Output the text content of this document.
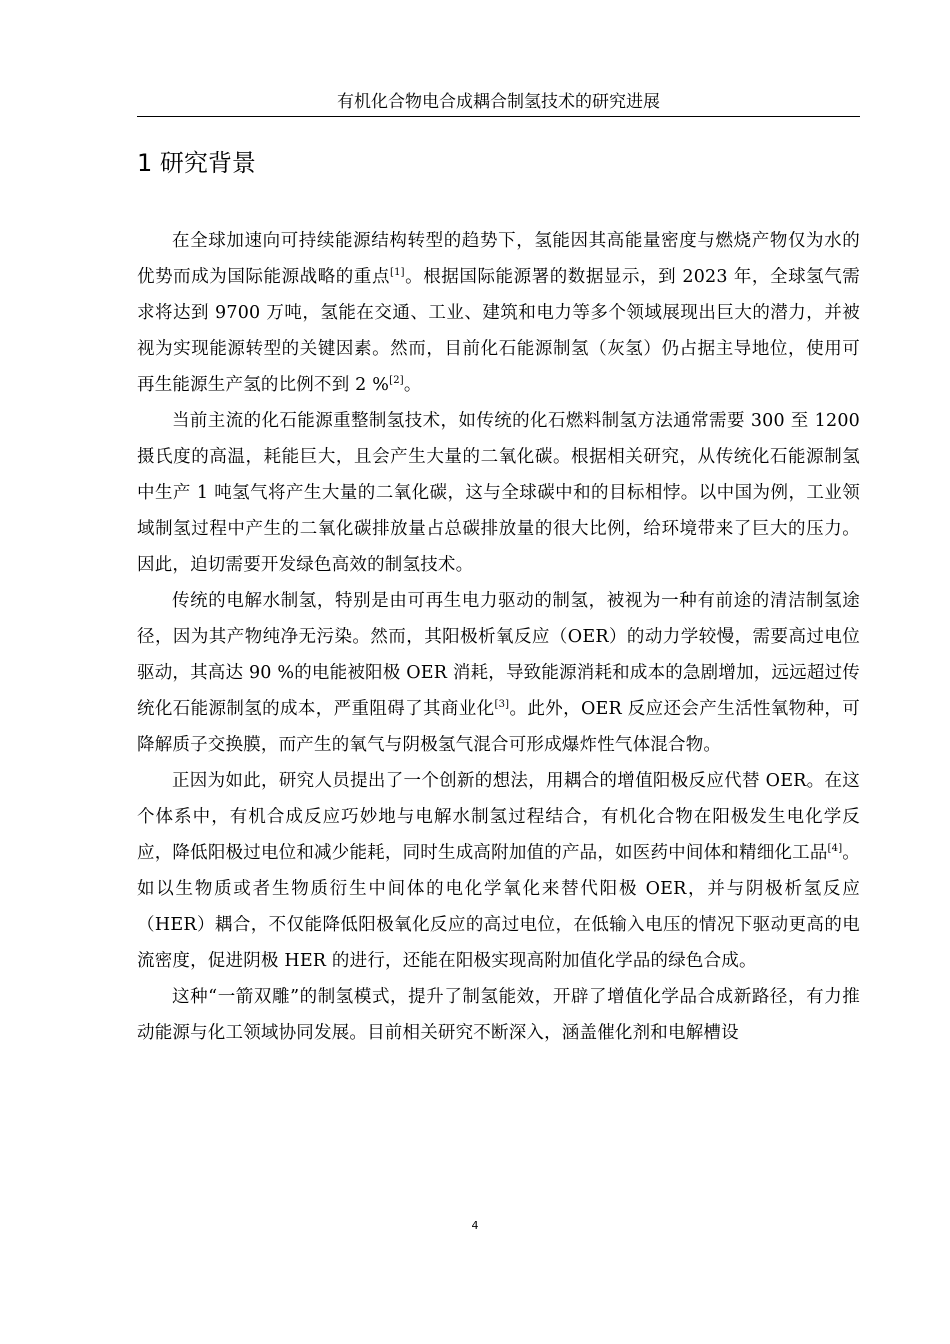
有机化合物电合成耦合制氢技术的研究进展
1 研究背景

在全球加速向可持续能源结构转型的趋势下，氢能因其高能量密度与燃烧产物仅为水的优势而成为国际能源战略的重点[1]。根据国际能源署的数据显示，到 2023 年，全球氢气需求将达到 9700 万吨，氢能在交通、工业、建筑和电力等多个领域展现出巨大的潜力，并被视为实现能源转型的关键因素。然而，目前化石能源制氢（灰氢）仍占据主导地位，使用可再生能源生产氢的比例不到 2 %[2]。

当前主流的化石能源重整制氢技术，如传统的化石燃料制氢方法通常需要 300 至 1200 摄氏度的高温，耗能巨大，且会产生大量的二氧化碳。根据相关研究，从传统化石能源制氢中生产 1 吨氢气将产生大量的二氧化碳，这与全球碳中和的目标相悖。以中国为例，工业领域制氢过程中产生的二氧化碳排放量占总碳排放量的很大比例，给环境带来了巨大的压力。因此，迫切需要开发绿色高效的制氢技术。

传统的电解水制氢，特别是由可再生电力驱动的制氢，被视为一种有前途的清洁制氢途径，因为其产物纯净无污染。然而，其阳极析氧反应（OER）的动力学较慢，需要高过电位驱动，其高达 90 %的电能被阳极 OER 消耗，导致能源消耗和成本的急剧增加，远远超过传统化石能源制氢的成本，严重阻碍了其商业化[3]。此外，OER 反应还会产生活性氧物种，可降解质子交换膜，而产生的氧气与阴极氢气混合可形成爆炸性气体混合物。

正因为如此，研究人员提出了一个创新的想法，用耦合的增值阳极反应代替 OER。在这个体系中，有机合成反应巧妙地与电解水制氢过程结合，有机化合物在阳极发生电化学反应，降低阳极过电位和减少能耗，同时生成高附加值的产品，如医药中间体和精细化工品[4]。如以生物质或者生物质衍生中间体的电化学氧化来替代阳极 OER，并与阴极析氢反应（HER）耦合，不仅能降低阳极氧化反应的高过电位，在低输入电压的情况下驱动更高的电流密度，促进阴极 HER 的进行，还能在阳极实现高附加值化学品的绿色合成。

这种“一箭双雕”的制氢模式，提升了制氢能效，开辟了增值化学品合成新路径，有力推动能源与化工领域协同发展。目前相关研究不断深入，涵盖催化剂和电解槽设

4
